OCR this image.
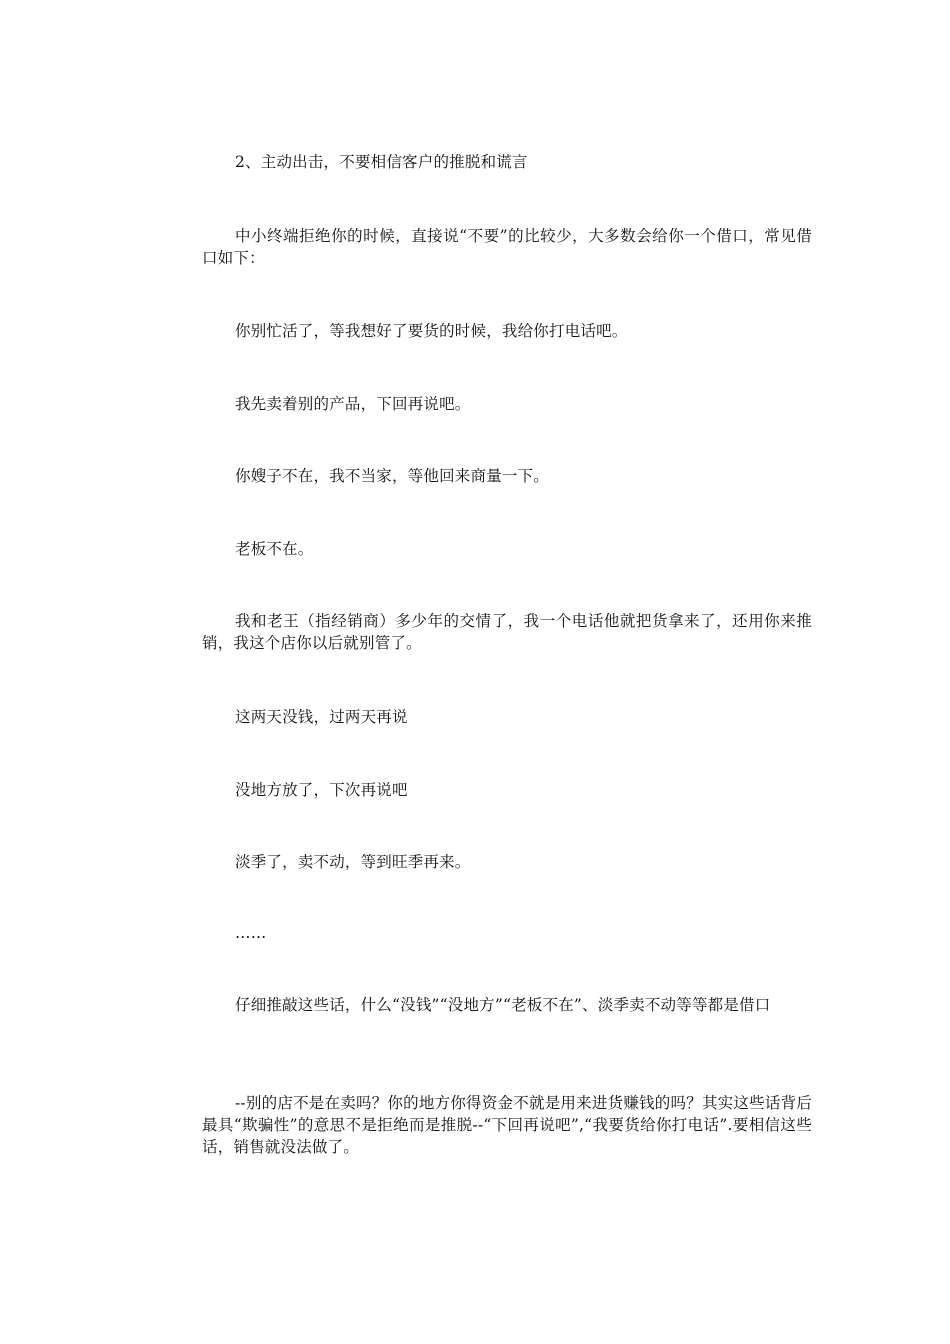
2、主动出击，不要相信客户的推脱和谎言

中小终端拒绝你的时候，直接说“不要”的比较少，大多数会给你一个借口，常见借口如下：

你别忙活了，等我想好了要货的时候，我给你打电话吧。

我先卖着别的产品，下回再说吧。

你嫂子不在，我不当家，等他回来商量一下。

老板不在。

我和老王（指经销商）多少年的交情了，我一个电话他就把货拿来了，还用你来推销，我这个店你以后就别管了。

这两天没钱，过两天再说

没地方放了，下次再说吧

淡季了，卖不动，等到旺季再来。

……

仔细推敲这些话，什么“没钱”“没地方”“老板不在”、淡季卖不动等等都是借口

--别的店不是在卖吗？你的地方你得资金不就是用来进货赚钱的吗？其实这些话背后最具“欺骗性”的意思不是拒绝而是推脱--“下回再说吧”,“我要货给你打电话”.要相信这些话，销售就没法做了。
